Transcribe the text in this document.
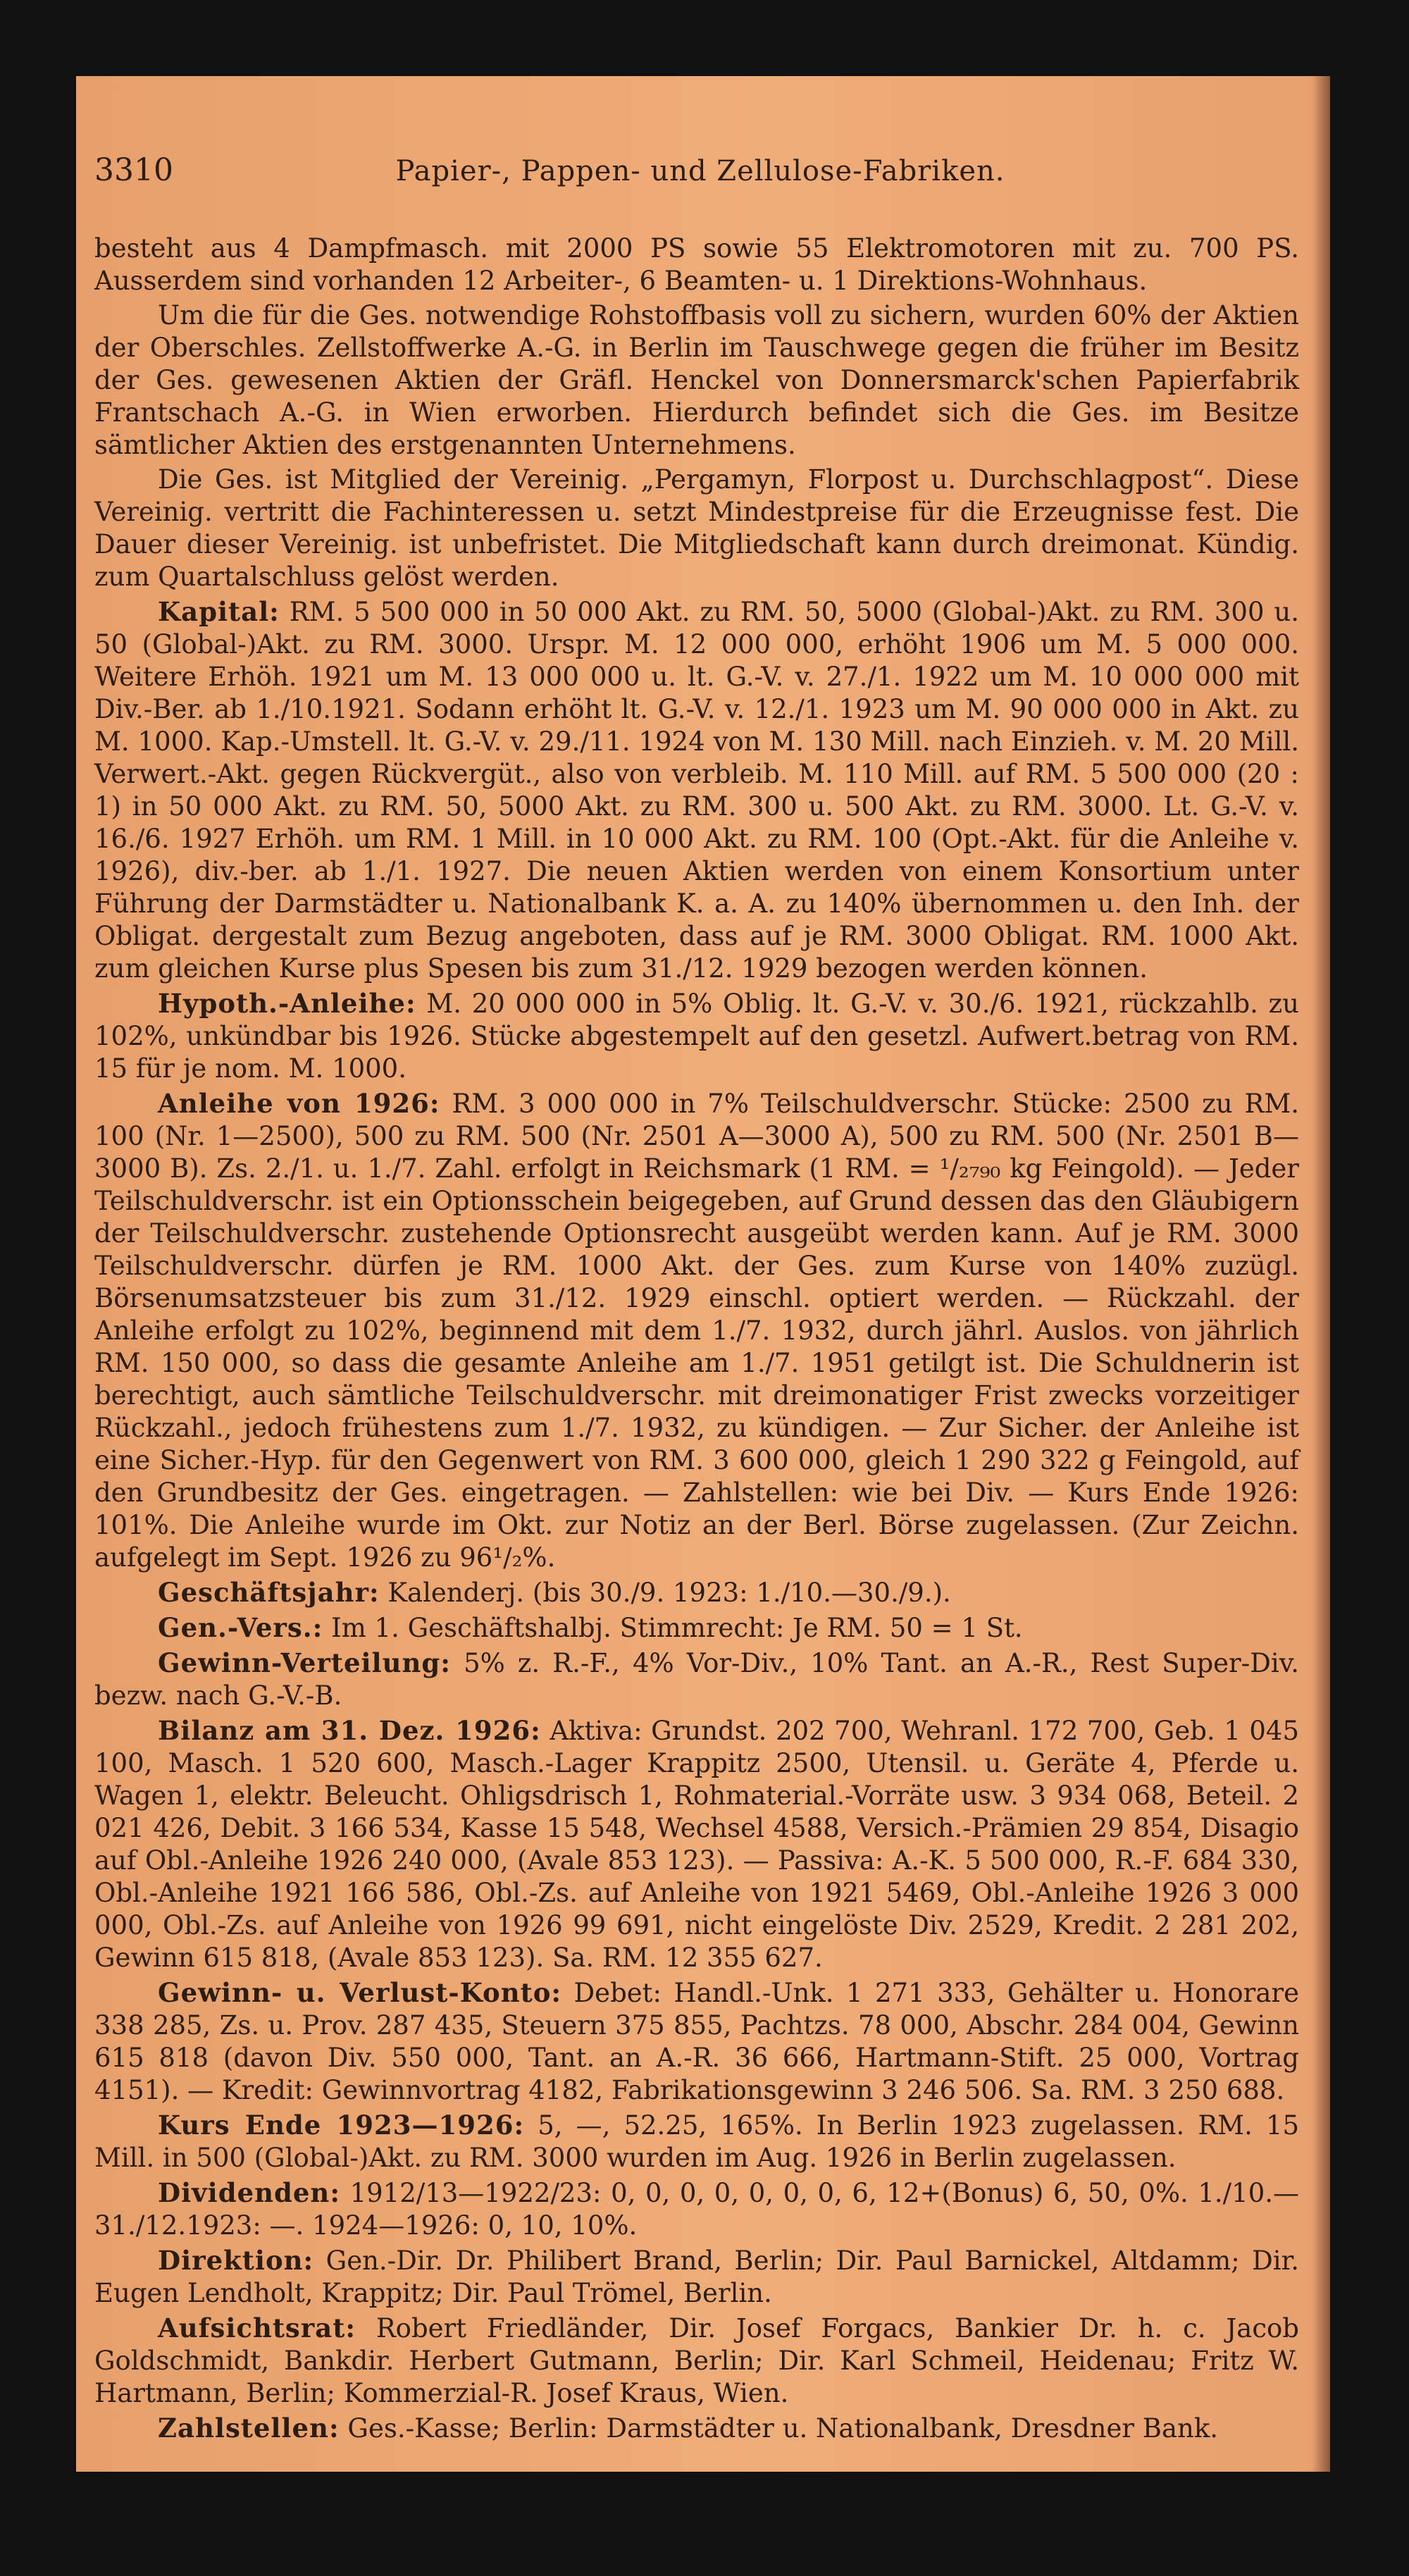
3310	Papier-, Pappen- und Zellulose-Fabriken.

besteht aus 4 Dampfmasch. mit 2000 PS sowie 55 Elektromotoren mit zu. 700 PS. Ausserdem sind vorhanden 12 Arbeiter-, 6 Beamten- u. 1 Direktions-Wohnhaus.

Um die für die Ges. notwendige Rohstoffbasis voll zu sichern, wurden 60% der Aktien der Oberschles. Zellstoffwerke A.-G. in Berlin im Tauschwege gegen die früher im Besitz der Ges. gewesenen Aktien der Gräfl. Henckel von Donnersmarck'schen Papierfabrik Frantschach A.-G. in Wien erworben. Hierdurch befindet sich die Ges. im Besitze sämtlicher Aktien des erstgenannten Unternehmens.

Die Ges. ist Mitglied der Vereinig. „Pergamyn, Florpost u. Durchschlagpost“. Diese Vereinig. vertritt die Fachinteressen u. setzt Mindestpreise für die Erzeugnisse fest. Die Dauer dieser Vereinig. ist unbefristet. Die Mitgliedschaft kann durch dreimonat. Kündig. zum Quartalschluss gelöst werden.

Kapital: RM. 5 500 000 in 50 000 Akt. zu RM. 50, 5000 (Global-)Akt. zu RM. 300 u. 50 (Global-)Akt. zu RM. 3000. Urspr. M. 12 000 000, erhöht 1906 um M. 5 000 000. Weitere Erhöh. 1921 um M. 13 000 000 u. lt. G.-V. v. 27./1. 1922 um M. 10 000 000 mit Div.-Ber. ab 1./10.1921. Sodann erhöht lt. G.-V. v. 12./1. 1923 um M. 90 000 000 in Akt. zu M. 1000. Kap.-Umstell. lt. G.-V. v. 29./11. 1924 von M. 130 Mill. nach Einzieh. v. M. 20 Mill. Verwert.-Akt. gegen Rückvergüt., also von verbleib. M. 110 Mill. auf RM. 5 500 000 (20 : 1) in 50 000 Akt. zu RM. 50, 5000 Akt. zu RM. 300 u. 500 Akt. zu RM. 3000. Lt. G.-V. v. 16./6. 1927 Erhöh. um RM. 1 Mill. in 10 000 Akt. zu RM. 100 (Opt.-Akt. für die Anleihe v. 1926), div.-ber. ab 1./1. 1927. Die neuen Aktien werden von einem Konsortium unter Führung der Darmstädter u. Nationalbank K. a. A. zu 140% übernommen u. den Inh. der Obligat. dergestalt zum Bezug angeboten, dass auf je RM. 3000 Obligat. RM. 1000 Akt. zum gleichen Kurse plus Spesen bis zum 31./12. 1929 bezogen werden können.

Hypoth.-Anleihe: M. 20 000 000 in 5% Oblig. lt. G.-V. v. 30./6. 1921, rückzahlb. zu 102%, unkündbar bis 1926. Stücke abgestempelt auf den gesetzl. Aufwert.betrag von RM. 15 für je nom. M. 1000.

Anleihe von 1926: RM. 3 000 000 in 7% Teilschuldverschr. Stücke: 2500 zu RM. 100 (Nr. 1—2500), 500 zu RM. 500 (Nr. 2501 A—3000 A), 500 zu RM. 500 (Nr. 2501 B—3000 B). Zs. 2./1. u. 1./7. Zahl. erfolgt in Reichsmark (1 RM. = ¹/₂₇₉₀ kg Feingold). — Jeder Teilschuldverschr. ist ein Optionsschein beigegeben, auf Grund dessen das den Gläubigern der Teilschuldverschr. zustehende Optionsrecht ausgeübt werden kann. Auf je RM. 3000 Teilschuldverschr. dürfen je RM. 1000 Akt. der Ges. zum Kurse von 140% zuzügl. Börsenumsatzsteuer bis zum 31./12. 1929 einschl. optiert werden. — Rückzahl. der Anleihe erfolgt zu 102%, beginnend mit dem 1./7. 1932, durch jährl. Auslos. von jährlich RM. 150 000, so dass die gesamte Anleihe am 1./7. 1951 getilgt ist. Die Schuldnerin ist berechtigt, auch sämtliche Teilschuldverschr. mit dreimonatiger Frist zwecks vorzeitiger Rückzahl., jedoch frühestens zum 1./7. 1932, zu kündigen. — Zur Sicher. der Anleihe ist eine Sicher.-Hyp. für den Gegenwert von RM. 3 600 000, gleich 1 290 322 g Feingold, auf den Grundbesitz der Ges. eingetragen. — Zahlstellen: wie bei Div. — Kurs Ende 1926: 101%. Die Anleihe wurde im Okt. zur Notiz an der Berl. Börse zugelassen. (Zur Zeichn. aufgelegt im Sept. 1926 zu 96¹/₂%.

Geschäftsjahr: Kalenderj. (bis 30./9. 1923: 1./10.—30./9.).

Gen.-Vers.: Im 1. Geschäftshalbj. Stimmrecht: Je RM. 50 = 1 St.

Gewinn-Verteilung: 5% z. R.-F., 4% Vor-Div., 10% Tant. an A.-R., Rest Super-Div. bezw. nach G.-V.-B.

Bilanz am 31. Dez. 1926: Aktiva: Grundst. 202 700, Wehranl. 172 700, Geb. 1 045 100, Masch. 1 520 600, Masch.-Lager Krappitz 2500, Utensil. u. Geräte 4, Pferde u. Wagen 1, elektr. Beleucht. Ohligsdrisch 1, Rohmaterial.-Vorräte usw. 3 934 068, Beteil. 2 021 426, Debit. 3 166 534, Kasse 15 548, Wechsel 4588, Versich.-Prämien 29 854, Disagio auf Obl.-Anleihe 1926 240 000, (Avale 853 123). — Passiva: A.-K. 5 500 000, R.-F. 684 330, Obl.-Anleihe 1921 166 586, Obl.-Zs. auf Anleihe von 1921 5469, Obl.-Anleihe 1926 3 000 000, Obl.-Zs. auf Anleihe von 1926 99 691, nicht eingelöste Div. 2529, Kredit. 2 281 202, Gewinn 615 818, (Avale 853 123). Sa. RM. 12 355 627.

Gewinn- u. Verlust-Konto: Debet: Handl.-Unk. 1 271 333, Gehälter u. Honorare 338 285, Zs. u. Prov. 287 435, Steuern 375 855, Pachtzs. 78 000, Abschr. 284 004, Gewinn 615 818 (davon Div. 550 000, Tant. an A.-R. 36 666, Hartmann-Stift. 25 000, Vortrag 4151). — Kredit: Gewinnvortrag 4182, Fabrikationsgewinn 3 246 506. Sa. RM. 3 250 688.

Kurs Ende 1923—1926: 5, —, 52.25, 165%. In Berlin 1923 zugelassen. RM. 15 Mill. in 500 (Global-)Akt. zu RM. 3000 wurden im Aug. 1926 in Berlin zugelassen.

Dividenden: 1912/13—1922/23: 0, 0, 0, 0, 0, 0, 0, 6, 12+(Bonus) 6, 50, 0%. 1./10.—31./12.1923: —. 1924—1926: 0, 10, 10%.

Direktion: Gen.-Dir. Dr. Philibert Brand, Berlin; Dir. Paul Barnickel, Altdamm; Dir. Eugen Lendholt, Krappitz; Dir. Paul Trömel, Berlin.

Aufsichtsrat: Robert Friedländer, Dir. Josef Forgacs, Bankier Dr. h. c. Jacob Goldschmidt, Bankdir. Herbert Gutmann, Berlin; Dir. Karl Schmeil, Heidenau; Fritz W. Hartmann, Berlin; Kommerzial-R. Josef Kraus, Wien.

Zahlstellen: Ges.-Kasse; Berlin: Darmstädter u. Nationalbank, Dresdner Bank.
